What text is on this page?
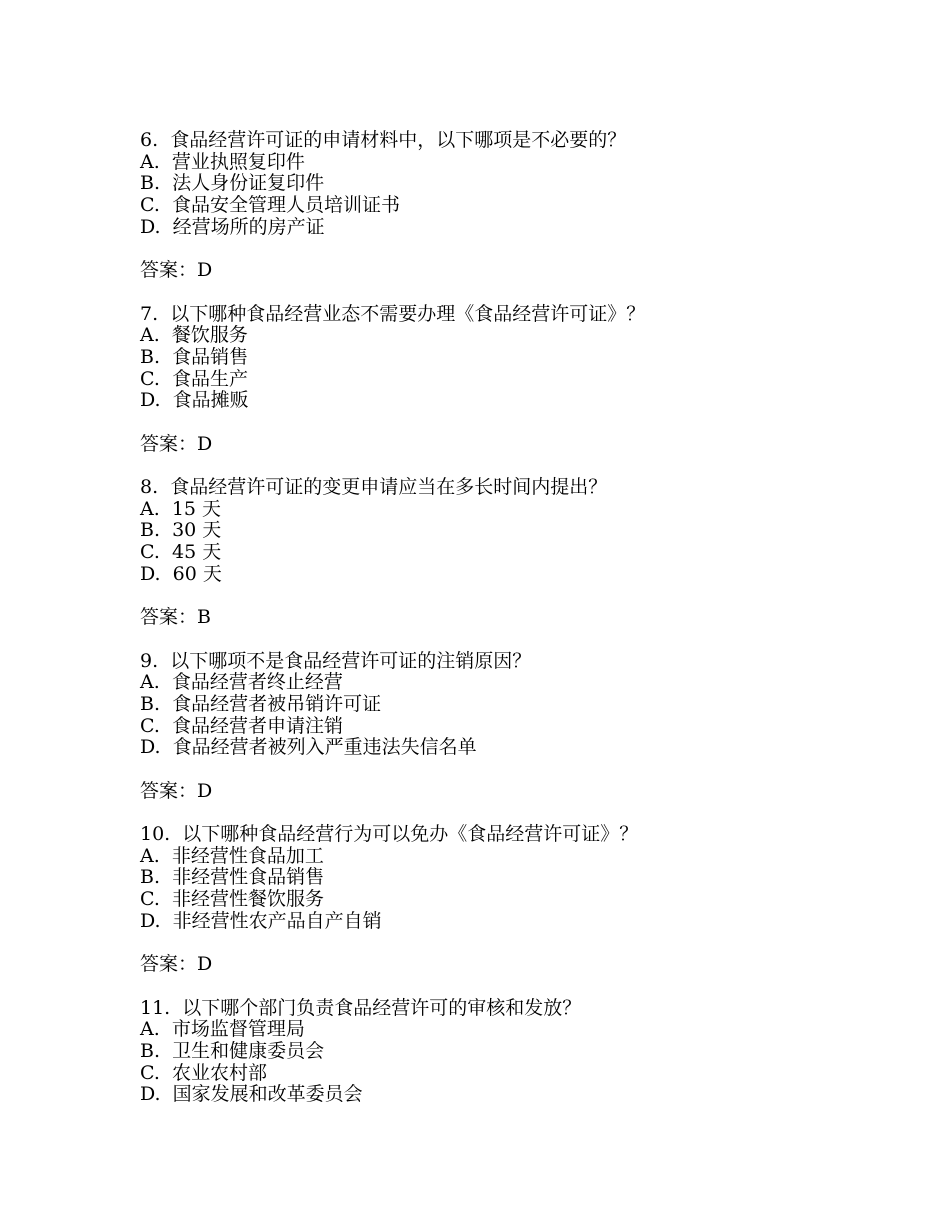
6.  食品经营许可证的申请材料中，以下哪项是不必要的？
A.  营业执照复印件
B.  法人身份证复印件
C.  食品安全管理人员培训证书
D.  经营场所的房产证
答案：D
7.  以下哪种食品经营业态不需要办理《食品经营许可证》？
A.  餐饮服务
B.  食品销售
C.  食品生产
D.  食品摊贩
答案：D
8.  食品经营许可证的变更申请应当在多长时间内提出？
A.  15 天
B.  30 天
C.  45 天
D.  60 天
答案：B
9.  以下哪项不是食品经营许可证的注销原因？
A.  食品经营者终止经营
B.  食品经营者被吊销许可证
C.  食品经营者申请注销
D.  食品经营者被列入严重违法失信名单
答案：D
10.  以下哪种食品经营行为可以免办《食品经营许可证》？
A.  非经营性食品加工
B.  非经营性食品销售
C.  非经营性餐饮服务
D.  非经营性农产品自产自销
答案：D
11.  以下哪个部门负责食品经营许可的审核和发放？
A.  市场监督管理局
B.  卫生和健康委员会
C.  农业农村部
D.  国家发展和改革委员会
